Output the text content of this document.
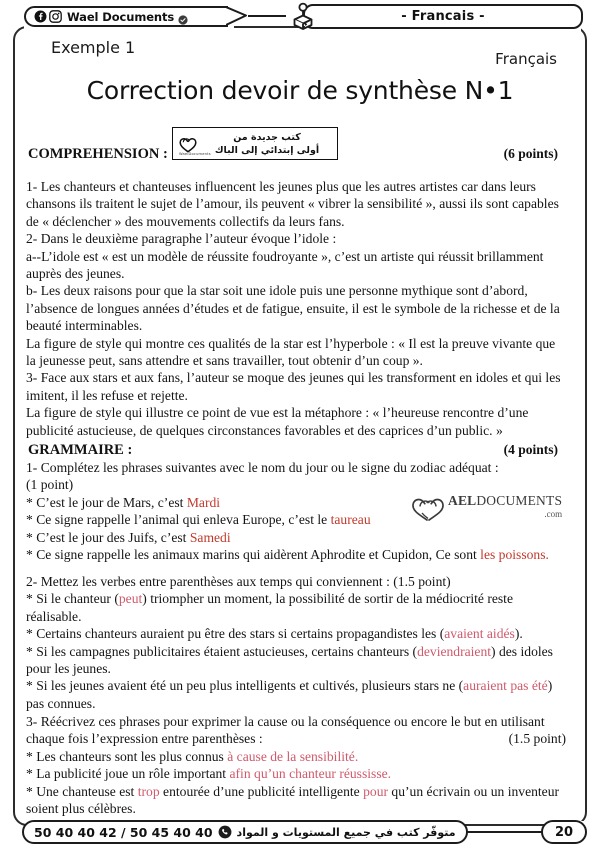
Wael Documents	- Francais -
Exemple 1
Français
Correction devoir de synthèse N•1
كتب جديدة من
أولى إبتدائي إلى الباك
WaelDocuments	(6 points)
COMPREHENSION :

1- Les chanteurs et chanteuses influencent les jeunes plus que les autres artistes car dans leurs chansons ils traitent le sujet de l’amour, ils peuvent « vibrer la sensibilité », aussi ils sont capables de « déclencher » des mouvements collectifs da leurs fans.

2- Dans le deuxième paragraphe l’auteur évoque l’idole :

a--L’idole est « est un modèle de réussite foudroyante », c’est un artiste qui réussit brillamment auprès des jeunes.

b- Les deux raisons pour que la star soit une idole puis une personne mythique sont d’abord, l’absence de longues années d’études et de fatigue, ensuite, il est le symbole de la richesse et de la beauté interminables.

La figure de style qui montre ces qualités de la star est l’hyperbole : « Il est la preuve vivante que la jeunesse peut, sans attendre et sans travailler, tout obtenir d’un coup ».

3- Face aux stars et aux fans, l’auteur se moque des jeunes qui les transforment en idoles et qui les imitent, il les refuse et rejette.

La figure de style qui illustre ce point de vue est la métaphore : « l’heureuse rencontre d’une publicité astucieuse, de quelques circonstances favorables et des caprices d’un public. »

(4 points)
GRAMMAIRE :

1- Complétez les phrases suivantes avec le nom du jour ou le signe du zodiac adéquat :

(1 point)

* C’est le jour de Mars, c’est Mardi

* Ce signe rappelle l’animal qui enleva Europe, c’est le taureau

* C’est le jour des Juifs, c’est Samedi

* Ce signe rappelle les animaux marins qui aidèrent Aphrodite et Cupidon, Ce sont les poissons.

2- Mettez les verbes entre parenthèses aux temps qui conviennent : (1.5 point)

* Si le chanteur (peut) triompher un moment, la possibilité de sortir de la médiocrité reste réalisable.

* Certains chanteurs auraient pu être des stars si certains propagandistes les (avaient aidés).

* Si les campagnes publicitaires étaient astucieuses, certains chanteurs (deviendraient) des idoles pour les jeunes.

* Si les jeunes avaient été un peu plus intelligents et cultivés, plusieurs stars ne (auraient pas été) pas connues.

3- Réécrivez ces phrases pour exprimer la cause ou la conséquence ou encore le but en utilisant chaque fois l’expression entre parenthèses :	(1.5 point)

* Les chanteurs sont les plus connus à cause de la sensibilité.

* La publicité joue un rôle important afin qu’un chanteur réussisse.

* Une chanteuse est trop entourée d’une publicité intelligente pour qu’un écrivain ou un inventeur soient plus célèbres.

AELDOCUMENTS
.com
متوفّر كتب في جميع المستويات و المواد
50 40 40 42 / 50 45 40 40	20
